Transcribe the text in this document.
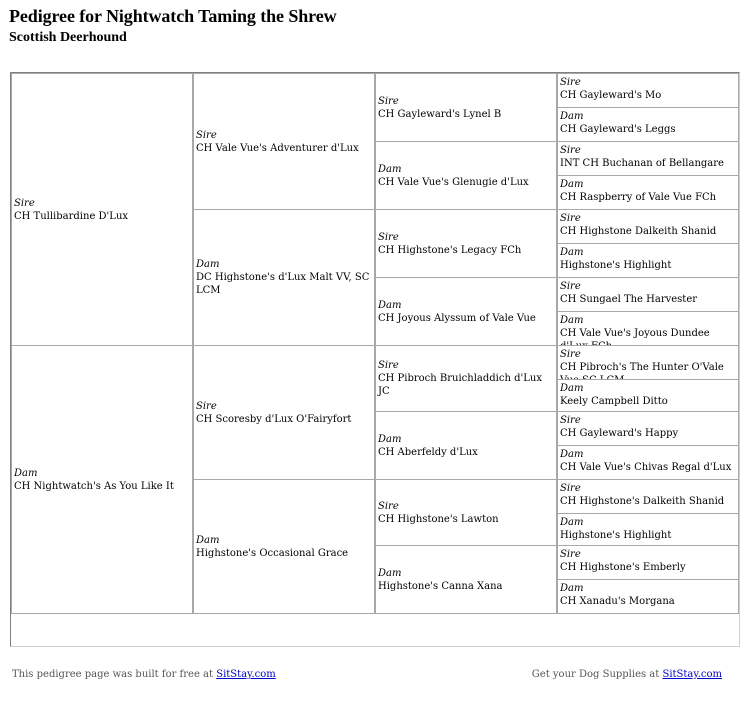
Pedigree for Nightwatch Taming the Shrew
Scottish Deerhound
Sire
CH Tullibardine D'Lux
Dam
CH Nightwatch's As You Like It
Sire
CH Vale Vue's Adventurer d'Lux
Dam
DC Highstone's d'Lux Malt VV, SC LCM
Sire
CH Scoresby d'Lux O'Fairyfort
Dam
Highstone's Occasional Grace
Sire
CH Gayleward's Lynel B
Dam
CH Vale Vue's Glenugie d'Lux
Sire
CH Highstone's Legacy FCh
Dam
CH Joyous Alyssum of Vale Vue
Sire
CH Pibroch Bruichladdich d'Lux JC
Dam
CH Aberfeldy d'Lux
Sire
CH Highstone's Lawton
Dam
Highstone's Canna Xana
Sire
CH Gayleward's Mo
Dam
CH Gayleward's Leggs
Sire
INT CH Buchanan of Bellangare
Dam
CH Raspberry of Vale Vue FCh
Sire
CH Highstone Dalkeith Shanid
Dam
Highstone's Highlight
Sire
CH Sungael The Harvester
Dam
CH Vale Vue's Joyous Dundee
Sire
CH Pibroch's The Hunter O'Vale
Dam
Keely Campbell Ditto
Sire
CH Gayleward's Happy
Dam
CH Vale Vue's Chivas Regal d'Lux
Sire
CH Highstone's Dalkeith Shanid
Dam
Highstone's Highlight
Sire
CH Highstone's Emberly
Dam
CH Xanadu's Morgana
This pedigree page was built for free at SitStay.com	Get your Dog Supplies at SitStay.com
